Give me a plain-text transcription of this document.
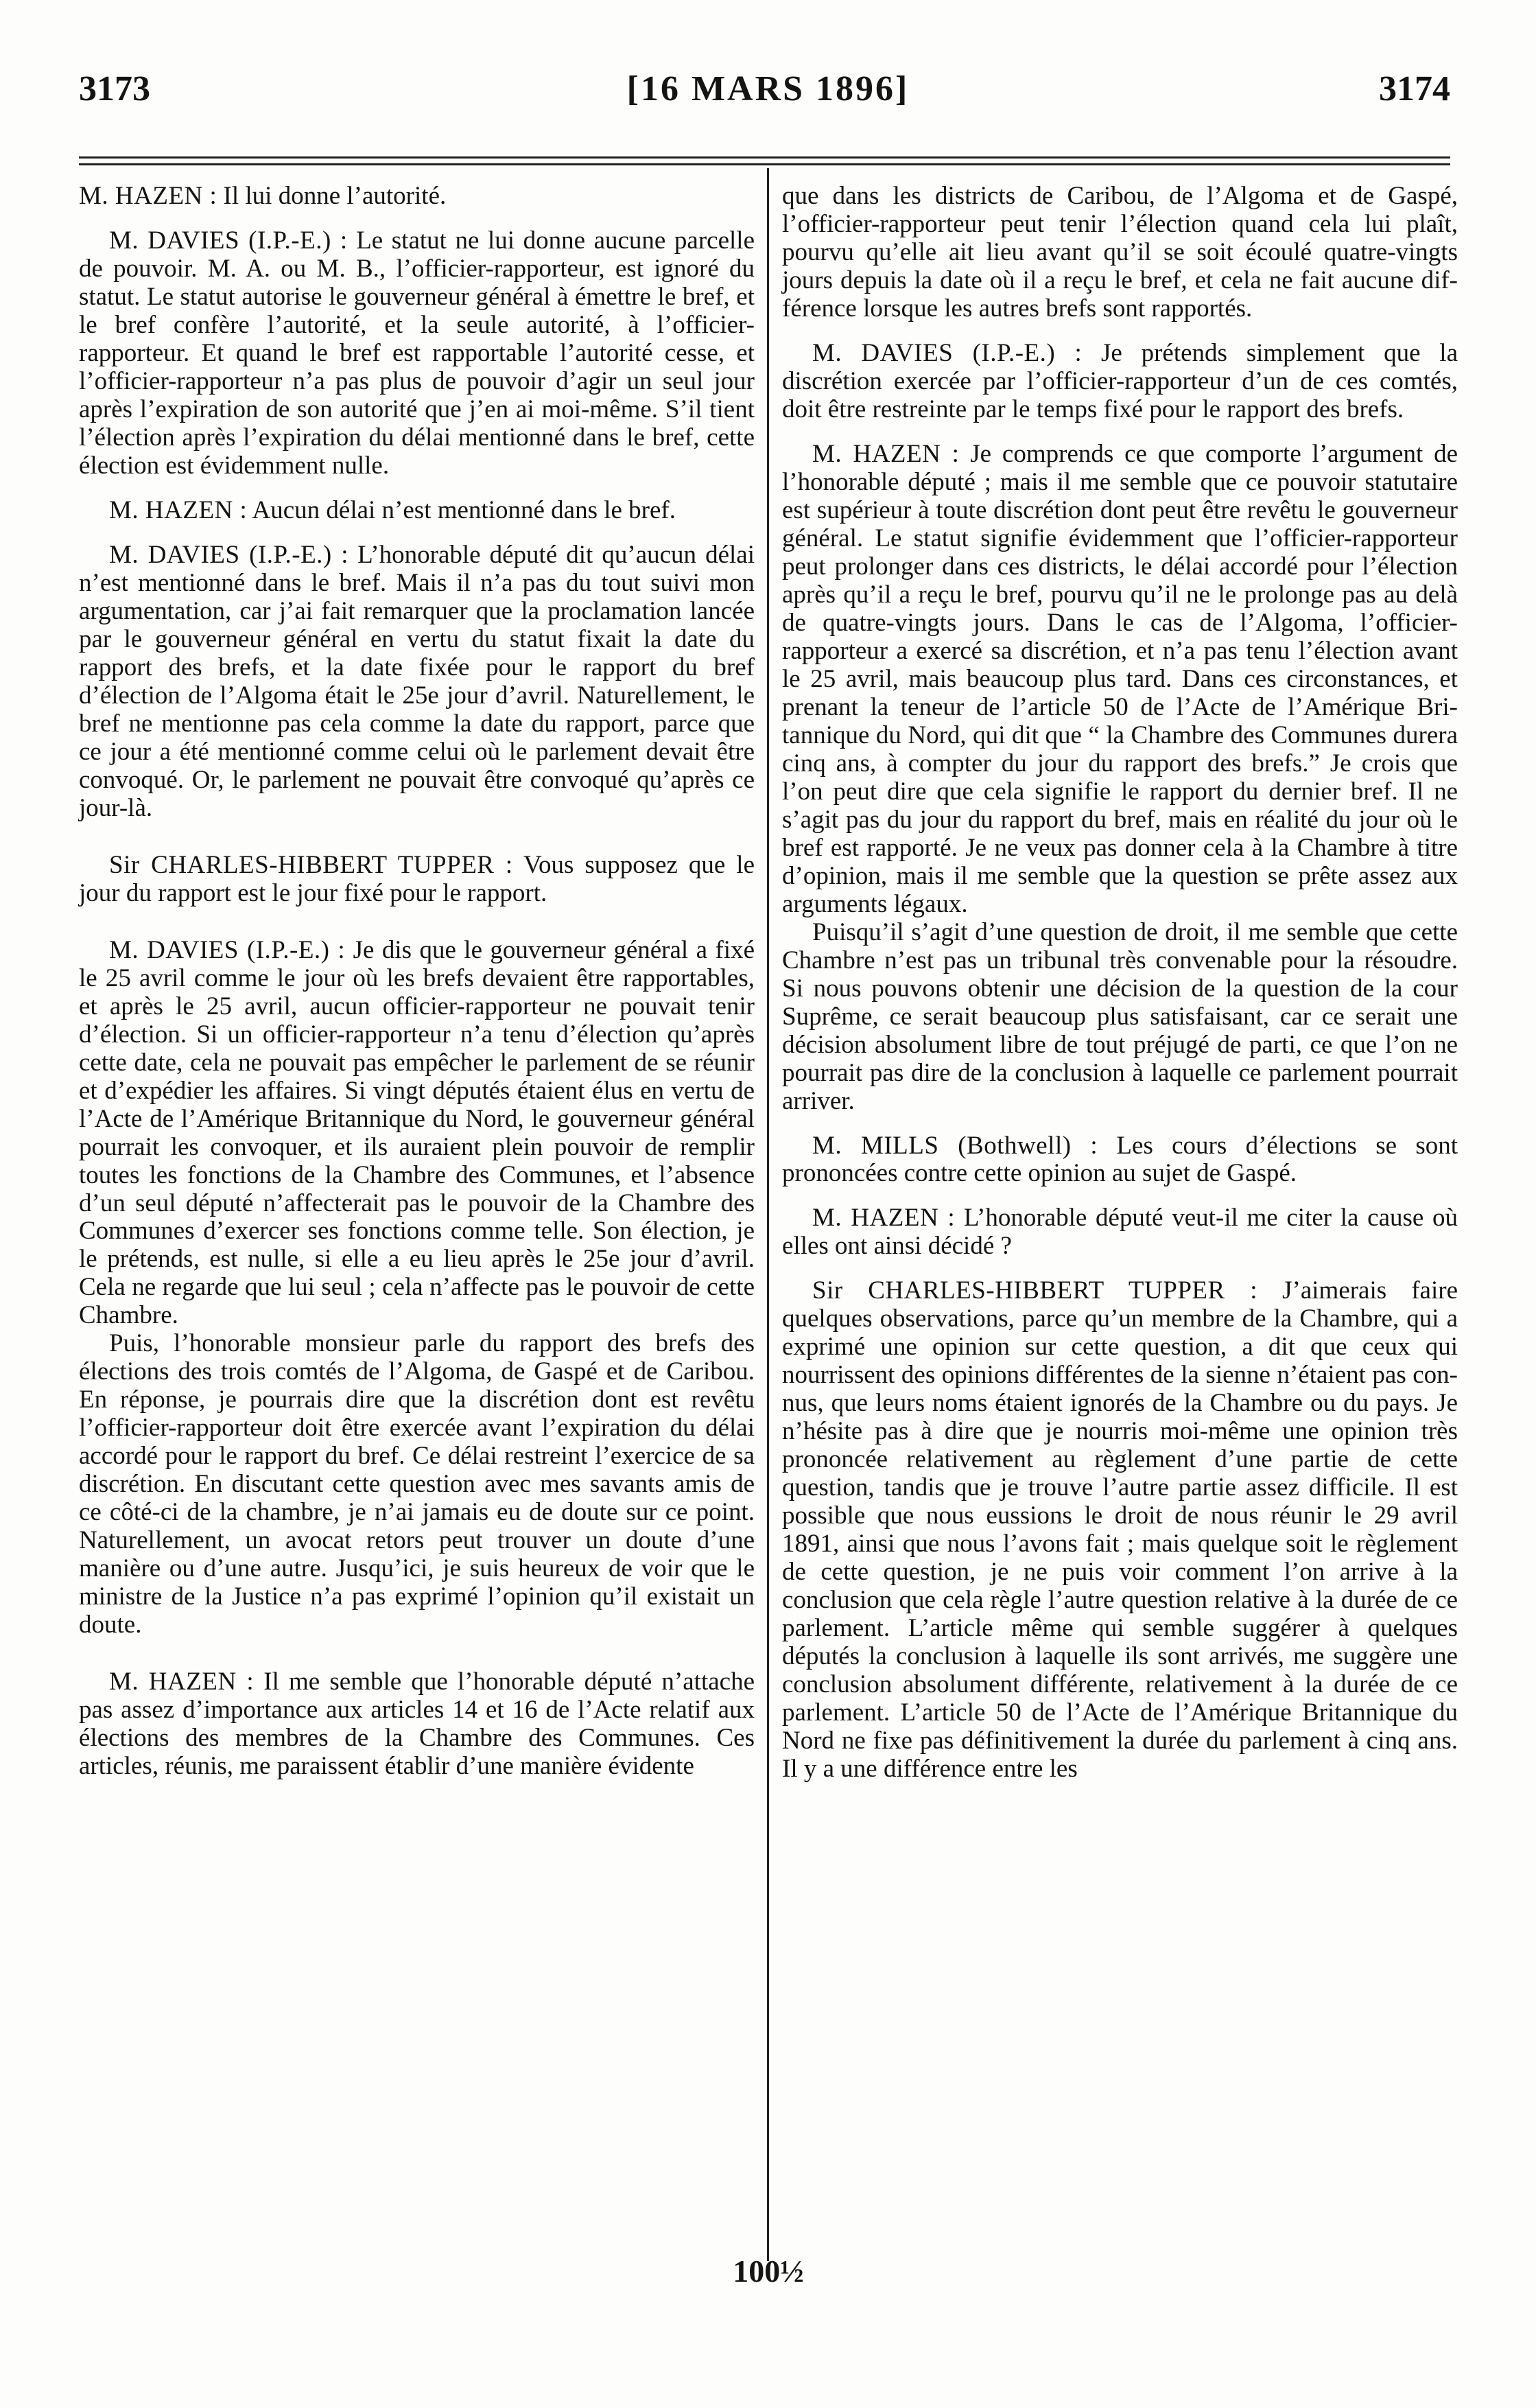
3173	[16 MARS 1896]	3174

M. HAZEN : Il lui donne l’autorité.

M. DAVIES (I.P.-E.) : Le statut ne lui donne aucune parcelle de pouvoir. M. A. ou M. B., l’officier-rapporteur, est ignoré du statut. Le statut autorise le gouverneur général à émettre le bref, et le bref confère l’autorité, et la seule autorité, à l’officier-rapporteur. Et quand le bref est rapportable l’autorité cesse, et l’officier-rapporteur n’a pas plus de pouvoir d’agir un seul jour après l’expiration de son autorité que j’en ai moi-même. S’il tient l’élection après l’expiration du délai mentionné dans le bref, cette élection est évidemment nulle.

M. HAZEN : Aucun délai n’est mentionné dans le bref.

M. DAVIES (I.P.-E.) : L’honorable député dit qu’aucun délai n’est mentionné dans le bref. Mais il n’a pas du tout suivi mon argumentation, car j’ai fait remarquer que la proclamation lancée par le gouverneur général en vertu du statut fixait la date du rapport des brefs, et la date fixée pour le rapport du bref d’élection de l’Algoma était le 25e jour d’avril. Naturellement, le bref ne mentionne pas cela comme la date du rapport, parce que ce jour a été mentionné comme celui où le parlement devait être convoqué. Or, le parlement ne pouvait être convoqué qu’après ce jour-là.

Sir CHARLES-HIBBERT TUPPER : Vous supposez que le jour du rapport est le jour fixé pour le rapport.

M. DAVIES (I.P.-E.) : Je dis que le gouverneur général a fixé le 25 avril comme le jour où les brefs devaient être rapportables, et après le 25 avril, aucun officier-rapporteur ne pouvait tenir d’élection. Si un officier-rapporteur n’a tenu d’élection qu’après cette date, cela ne pouvait pas empêcher le parlement de se réunir et d’expédier les affaires. Si vingt députés étaient élus en vertu de l’Acte de l’Amérique Britannique du Nord, le gouverneur général pourrait les convoquer, et ils auraient plein pouvoir de remplir toutes les fonctions de la Chambre des Communes, et l’absence d’un seul député n’affecterait pas le pouvoir de la Chambre des Communes d’exercer ses fonctions comme telle. Son élection, je le prétends, est nulle, si elle a eu lieu après le 25e jour d’avril. Cela ne regarde que lui seul ; cela n’affecte pas le pouvoir de cette Chambre.

Puis, l’honorable monsieur parle du rapport des brefs des élections des trois comtés de l’Algoma, de Gaspé et de Caribou. En réponse, je pourrais dire que la discrétion dont est revêtu l’officier-rapporteur doit être exercée avant l’expiration du délai accordé pour le rapport du bref. Ce délai restreint l’exercice de sa discrétion. En discutant cette question avec mes savants amis de ce côté-ci de la chambre, je n’ai jamais eu de doute sur ce point. Naturellement, un avocat retors peut trouver un doute d’une manière ou d’une autre. Jusqu’ici, je suis heureux de voir que le ministre de la Justice n’a pas exprimé l’opinion qu’il existait un doute.

M. HAZEN : Il me semble que l’honorable député n’attache pas assez d’importance aux articles 14 et 16 de l’Acte relatif aux élections des membres de la Chambre des Communes. Ces articles, réunis, me paraissent établir d’une manière évidente

que dans les districts de Caribou, de l’Algoma et de Gaspé, l’officier-rapporteur peut tenir l’élection quand cela lui plaît, pourvu qu’elle ait lieu avant qu’il se soit écoulé quatre-vingts jours depuis la date où il a reçu le bref, et cela ne fait aucune différence lorsque les autres brefs sont rapportés.

M. DAVIES (I.P.-E.) : Je prétends simplement que la discrétion exercée par l’officier-rapporteur d’un de ces comtés, doit être restreinte par le temps fixé pour le rapport des brefs.

M. HAZEN : Je comprends ce que comporte l’argument de l’honorable député ; mais il me semble que ce pouvoir statutaire est supérieur à toute discrétion dont peut être revêtu le gouverneur général. Le statut signifie évidemment que l’officier-rapporteur peut prolonger dans ces districts, le délai accordé pour l’élection après qu’il a reçu le bref, pourvu qu’il ne le prolonge pas au delà de quatre-vingts jours. Dans le cas de l’Algoma, l’officier-rapporteur a exercé sa discrétion, et n’a pas tenu l’élection avant le 25 avril, mais beaucoup plus tard. Dans ces circonstances, et prenant la teneur de l’article 50 de l’Acte de l’Amérique Britannique du Nord, qui dit que “ la Chambre des Communes durera cinq ans, à compter du jour du rapport des brefs.” Je crois que l’on peut dire que cela signifie le rapport du dernier bref. Il ne s’agit pas du jour du rapport du bref, mais en réalité du jour où le bref est rapporté. Je ne veux pas donner cela à la Chambre à titre d’opinion, mais il me semble que la question se prête assez aux arguments légaux.

Puisqu’il s’agit d’une question de droit, il me semble que cette Chambre n’est pas un tribunal très convenable pour la résoudre. Si nous pouvons obtenir une décision de la question de la cour Suprême, ce serait beaucoup plus satisfaisant, car ce serait une décision absolument libre de tout préjugé de parti, ce que l’on ne pourrait pas dire de la conclusion à laquelle ce parlement pourrait arriver.

M. MILLS (Bothwell) : Les cours d’élections se sont prononcées contre cette opinion au sujet de Gaspé.

M. HAZEN : L’honorable député veut-il me citer la cause où elles ont ainsi décidé ?

Sir CHARLES-HIBBERT TUPPER : J’aimerais faire quelques observations, parce qu’un membre de la Chambre, qui a exprimé une opinion sur cette question, a dit que ceux qui nourrissent des opinions différentes de la sienne n’étaient pas connus, que leurs noms étaient ignorés de la Chambre ou du pays. Je n’hésite pas à dire que je nourris moi-même une opinion très prononcée relativement au règlement d’une partie de cette question, tandis que je trouve l’autre partie assez difficile. Il est possible que nous eussions le droit de nous réunir le 29 avril 1891, ainsi que nous l’avons fait ; mais quelque soit le règlement de cette question, je ne puis voir comment l’on arrive à la conclusion que cela règle l’autre question relative à la durée de ce parlement. L’article même qui semble suggérer à quelques députés la conclusion à laquelle ils sont arrivés, me suggère une conclusion absolument différente, relativement à la durée de ce parlement. L’article 50 de l’Acte de l’Amérique Britannique du Nord ne fixe pas définitivement la durée du parlement à cinq ans. Il y a une différence entre les

100½
